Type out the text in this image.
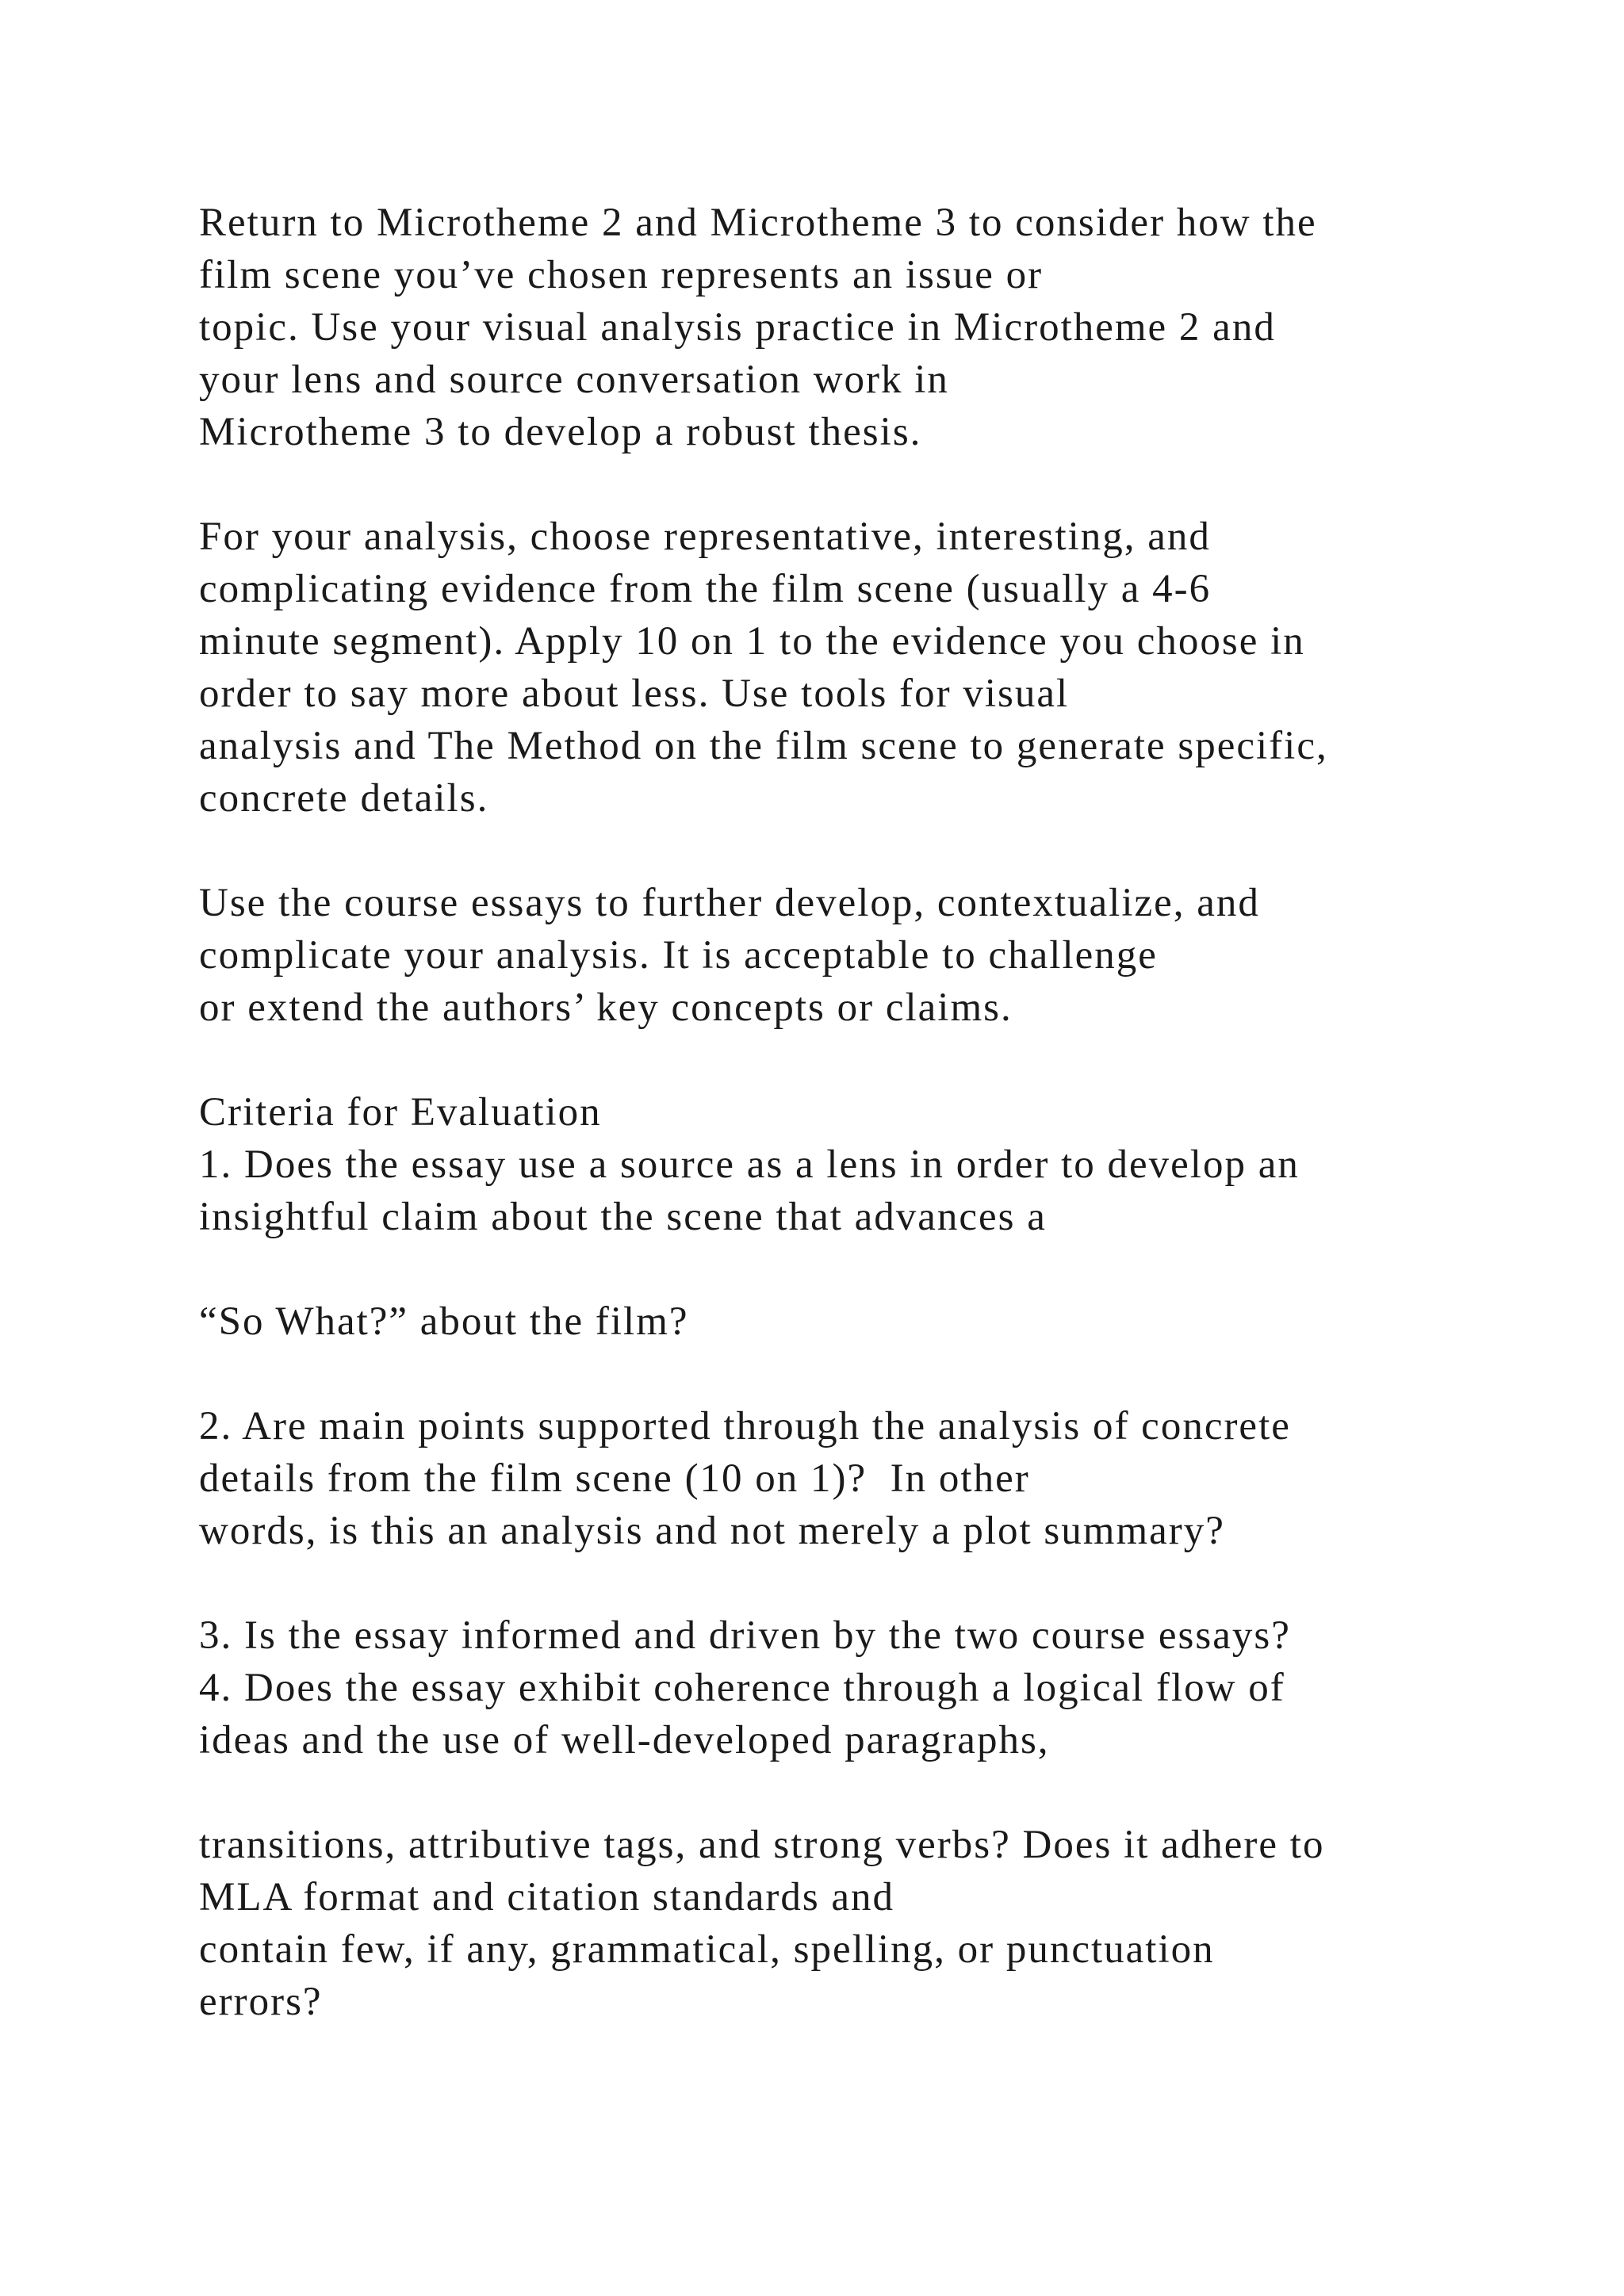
Return to Microtheme 2 and Microtheme 3 to consider how the
film scene you’ve chosen represents an issue or
topic. Use your visual analysis practice in Microtheme 2 and
your lens and source conversation work in
Microtheme 3 to develop a robust thesis.
For your analysis, choose representative, interesting, and
complicating evidence from the film scene (usually a 4-6
minute segment). Apply 10 on 1 to the evidence you choose in
order to say more about less. Use tools for visual
analysis and The Method on the film scene to generate specific,
concrete details.
Use the course essays to further develop, contextualize, and
complicate your analysis. It is acceptable to challenge
or extend the authors’ key concepts or claims.
Criteria for Evaluation
1. Does the essay use a source as a lens in order to develop an
insightful claim about the scene that advances a
“So What?” about the film?
2. Are main points supported through the analysis of concrete
details from the film scene (10 on 1)?  In other
words, is this an analysis and not merely a plot summary?
3. Is the essay informed and driven by the two course essays?
4. Does the essay exhibit coherence through a logical flow of
ideas and the use of well-developed paragraphs,
transitions, attributive tags, and strong verbs? Does it adhere to
MLA format and citation standards and
contain few, if any, grammatical, spelling, or punctuation
errors?
